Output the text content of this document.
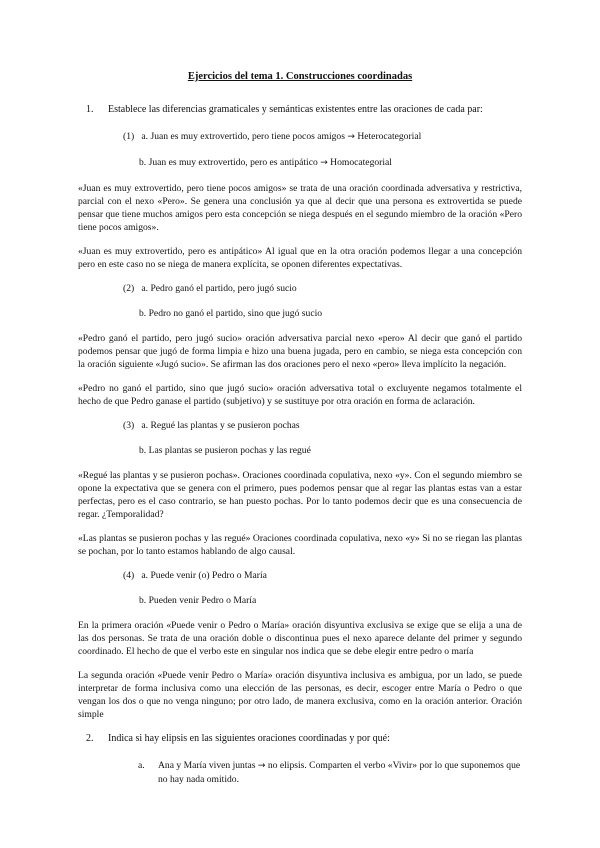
Ejercicios del tema 1. Construcciones coordinadas
1.	Establece las diferencias gramaticales y semánticas existentes entre las oraciones de cada par:
(1) a. Juan es muy extrovertido, pero tiene pocos amigos → Heterocategorial
b. Juan es muy extrovertido, pero es antipático → Homocategorial
«Juan es muy extrovertido, pero tiene pocos amigos» se trata de una oración coordinada adversativa y restrictiva, parcial con el nexo «Pero». Se genera una conclusión ya que al decir que una persona es extrovertida se puede pensar que tiene muchos amigos pero esta concepción se niega después en el segundo miembro de la oración «Pero tiene pocos amigos».
«Juan es muy extrovertido, pero es antipático» Al igual que en la otra oración podemos llegar a una concepción pero en este caso no se niega de manera explícita, se oponen diferentes expectativas.
(2) a. Pedro ganó el partido, pero jugó sucio
b. Pedro no ganó el partido, sino que jugó sucio
«Pedro ganó el partido, pero jugó sucio» oración adversativa parcial nexo «pero» Al decir que ganó el partido podemos pensar que jugó de forma limpia e hizo una buena jugada, pero en cambio, se niega esta concepción con la oración siguiente «Jugó sucio». Se afirman las dos oraciones pero el nexo «pero» lleva implícito la negación.
«Pedro no ganó el partido, sino que jugó sucio» oración adversativa total o excluyente negamos totalmente el hecho de que Pedro ganase el partido (subjetivo) y se sustituye por otra oración en forma de aclaración.
(3) a. Regué las plantas y se pusieron pochas
b. Las plantas se pusieron pochas y las regué
«Regué las plantas y se pusieron pochas». Oraciones coordinada copulativa, nexo «y». Con el segundo miembro se opone la expectativa que se genera con el primero, pues podemos pensar que al regar las plantas estas van a estar perfectas, pero es el caso contrario, se han puesto pochas. Por lo tanto podemos decir que es una consecuencia de regar. ¿Temporalidad?
«Las plantas se pusieron pochas y las regué» Oraciones coordinada copulativa, nexo «y» Si no se riegan las plantas se pochan, por lo tanto estamos hablando de algo causal.
(4) a. Puede venir (o) Pedro o María
b. Pueden venir Pedro o María
En la primera oración «Puede venir o Pedro o María» oración disyuntiva exclusiva se exige que se elija a una de las dos personas. Se trata de una oración doble o discontinua pues el nexo aparece delante del primer y segundo coordinado. El hecho de que el verbo este en singular nos indica que se debe elegir entre pedro o maría
La segunda oración «Puede venir Pedro o María» oración disyuntiva inclusiva es ambigua, por un lado, se puede interpretar de forma inclusiva como una elección de las personas, es decir, escoger entre María o Pedro o que vengan los dos o que no venga ninguno; por otro lado, de manera exclusiva, como en la oración anterior. Oración simple
2.	Indica si hay elipsis en las siguientes oraciones coordinadas y por qué:
a.	Ana y María viven juntas → no elipsis. Comparten el verbo «Vivir» por lo que suponemos que no hay nada omitido.
